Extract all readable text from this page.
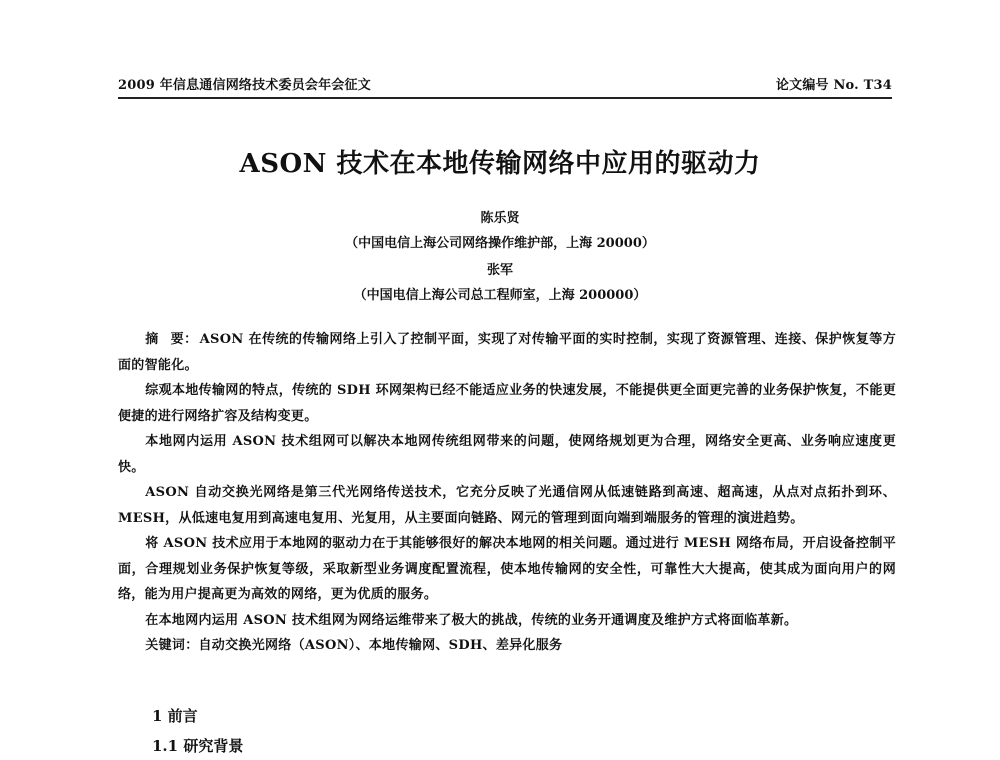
2009 年信息通信网络技术委员会年会征文	论文编号 No. T34
ASON 技术在本地传输网络中应用的驱动力
陈乐贤
（中国电信上海公司网络操作维护部，上海 20000）
张军
（中国电信上海公司总工程师室，上海 200000）

摘 要： ASON 在传统的传输网络上引入了控制平面，实现了对传输平面的实时控制，实现了资源管理、连接、保护恢复等方面的智能化。

综观本地传输网的特点，传统的 SDH 环网架构已经不能适应业务的快速发展，不能提供更全面更完善的业务保护恢复，不能更便捷的进行网络扩容及结构变更。

本地网内运用 ASON 技术组网可以解决本地网传统组网带来的问题，使网络规划更为合理，网络安全更高、业务响应速度更快。

ASON 自动交换光网络是第三代光网络传送技术，它充分反映了光通信网从低速链路到高速、超高速，从点对点拓扑到环、MESH，从低速电复用到高速电复用、光复用，从主要面向链路、网元的管理到面向端到端服务的管理的演进趋势。

将 ASON 技术应用于本地网的驱动力在于其能够很好的解决本地网的相关问题。通过进行 MESH 网络布局，开启设备控制平面，合理规划业务保护恢复等级，采取新型业务调度配置流程，使本地传输网的安全性，可靠性大大提高，使其成为面向用户的网络，能为用户提高更为高效的网络，更为优质的服务。

在本地网内运用 ASON 技术组网为网络运维带来了极大的挑战，传统的业务开通调度及维护方式将面临革新。

关键词：自动交换光网络（ASON）、本地传输网、SDH、差异化服务

1 前言
1.1 研究背景
